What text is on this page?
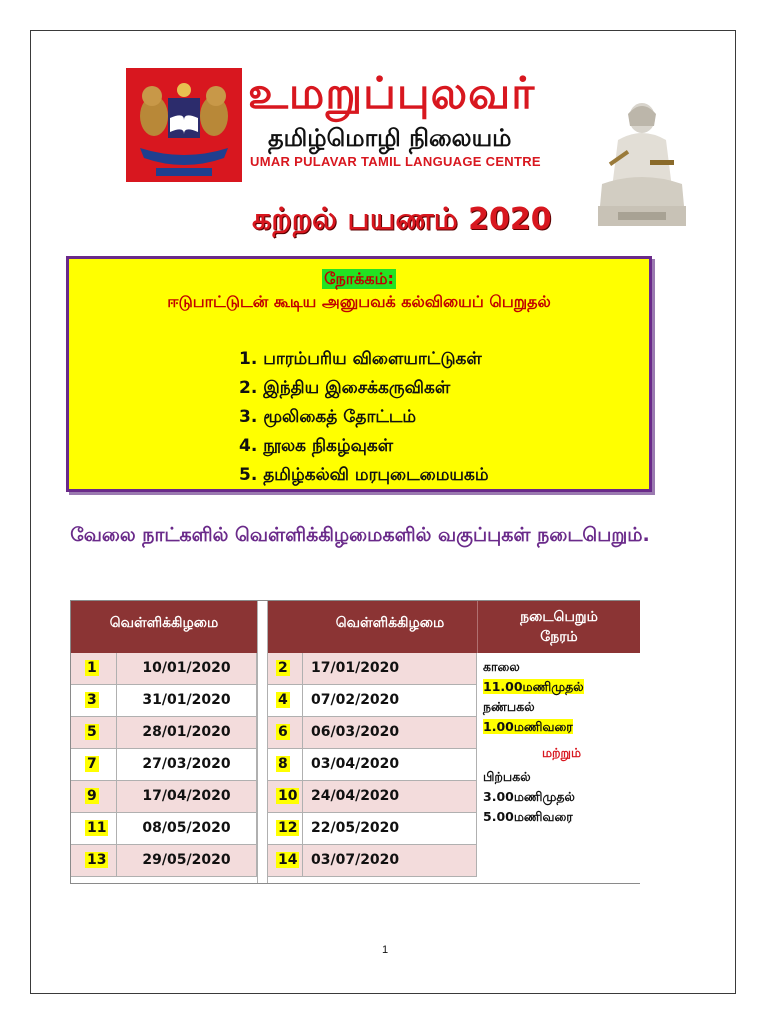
உமறுப்புலவர்
தமிழ்மொழி நிலையம்
UMAR PULAVAR TAMIL LANGUAGE CENTRE
கற்றல் பயணம் 2020
நோக்கம்:
ஈடுபாட்டுடன் கூடிய அனுபவக் கல்வியைப் பெறுதல்
1. பாரம்பரிய விளையாட்டுகள்
2. இந்திய இசைக்கருவிகள்
3. மூலிகைத் தோட்டம்
4. நூலக நிகழ்வுகள்
5. தமிழ்கல்வி மரபுடைமையகம்
வேலை நாட்களில் வெள்ளிக்கிழமைகளில் வகுப்புகள் நடைபெறும்.
வெள்ளிக்கிழமை	வெள்ளிக்கிழமை	நடைபெறும் நேரம்
1	10/01/2020	2	17/01/2020
3	31/01/2020	4	07/02/2020
5	28/01/2020	6	06/03/2020
7	27/03/2020	8	03/04/2020
9	17/04/2020	10 24/04/2020
11	08/05/2020	12 22/05/2020
13	29/05/2020	14 03/07/2020
காலை
11.00மணிமுதல்
நண்பகல்
1.00மணிவரை
மற்றும்
பிற்பகல்
3.00மணிமுதல்
5.00மணிவரை
1
